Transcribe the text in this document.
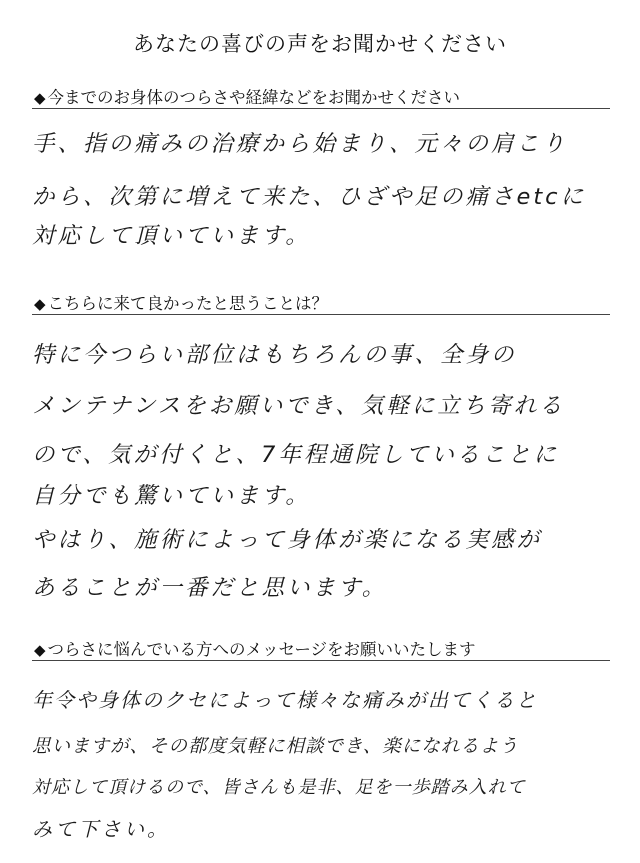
あなたの喜びの声をお聞かせください
◆ 今までのお身体のつらさや経緯などをお聞かせください
手、指の痛みの治療から始まり、元々の肩こり
から、次第に増えて来た、ひざや足の痛さetcに
対応して頂いています。
◆ こちらに来て良かったと思うことは？
特に今つらい部位はもちろんの事、全身の
メンテナンスをお願いでき、気軽に立ち寄れる
ので、気が付くと、7年程通院していることに
自分でも驚いています。
やはり、施術によって身体が楽になる実感が
あることが一番だと思います。
◆ つらさに悩んでいる方へのメッセージをお願いいたします
年令や身体のクセによって様々な痛みが出てくると
思いますが、その都度気軽に相談でき、楽になれるよう
対応して頂けるので、皆さんも是非、足を一歩踏み入れて
みて下さい。
